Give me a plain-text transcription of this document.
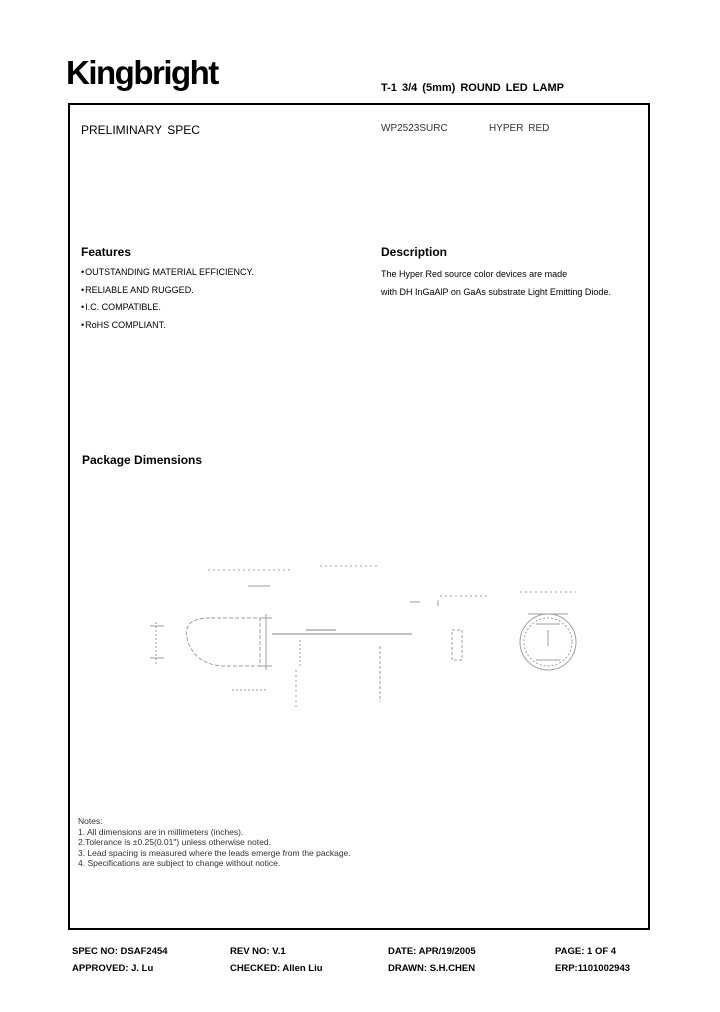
Kingbright	T-1 3/4 (5mm) ROUND LED LAMP
PRELIMINARY SPEC	WP2523SURC	HYPER RED
Features
• OUTSTANDING MATERIAL EFFICIENCY.
• RELIABLE AND RUGGED.
• I.C. COMPATIBLE.
• RoHS COMPLIANT.
Description
The Hyper Red source color devices are made
with DH InGaAlP on GaAs substrate Light Emitting Diode.
Package Dimensions
Notes:
1. All dimensions are in millimeters (inches).
2.Tolerance is ±0.25(0.01") unless otherwise noted.
3. Lead spacing is measured where the leads emerge from the package.
4. Specifications are subject to change without notice.
SPEC NO: DSAF2454	REV NO: V.1	DATE: APR/19/2005	PAGE: 1 OF 4
APPROVED: J. Lu	CHECKED: Allen Liu	DRAWN: S.H.CHEN	ERP:1101002943
